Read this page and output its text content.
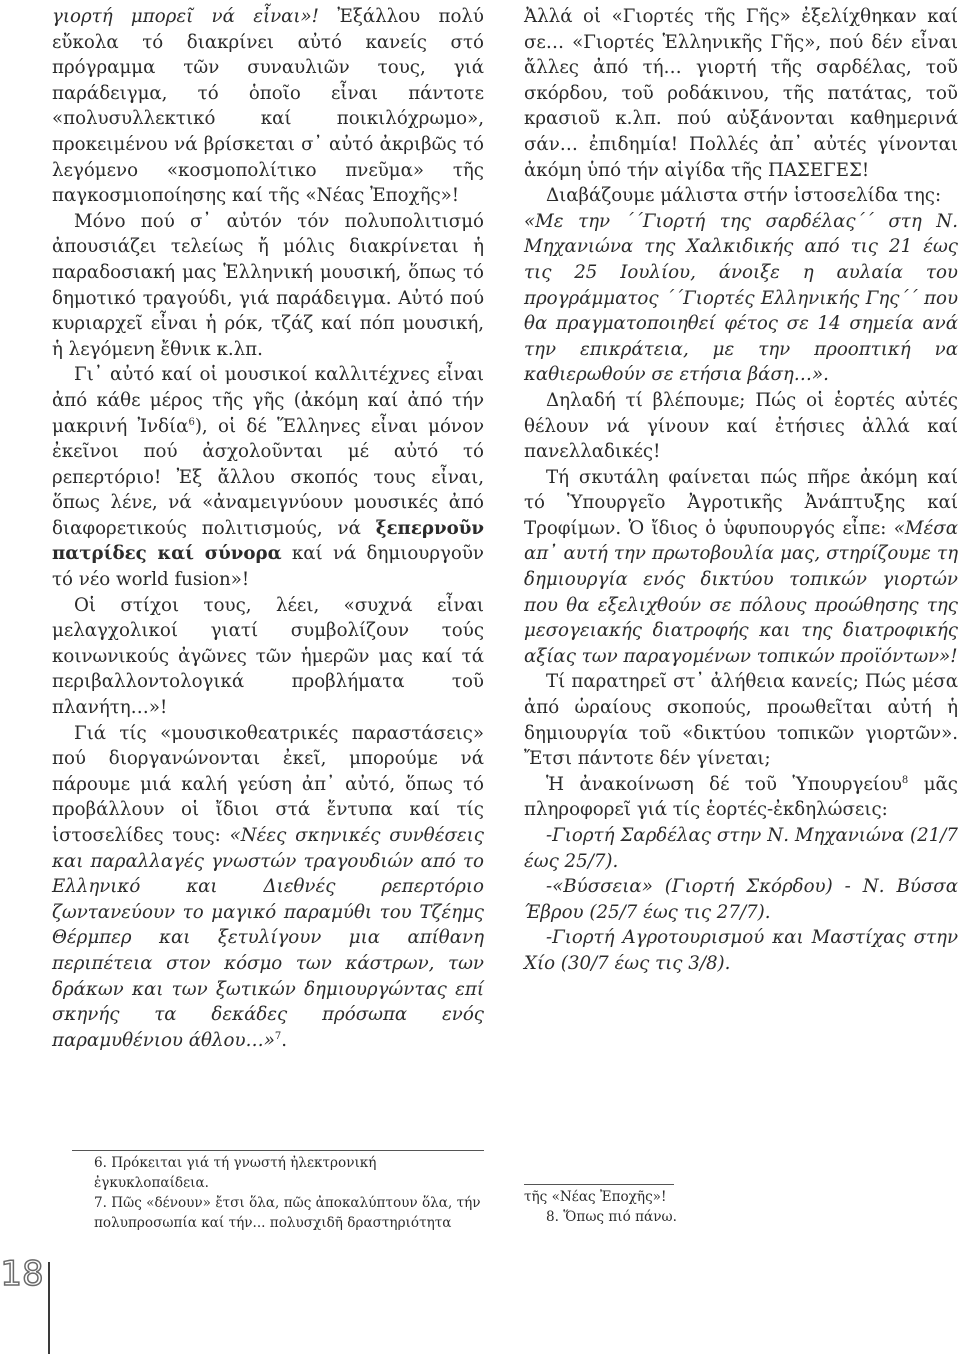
γιορτή μπορεῖ νά εἶναι»! Ἐξάλλου πολύ εὔκολα τό διακρίνει αὐτό κανείς στό πρόγραμμα τῶν συναυλιῶν τους, γιά παράδειγμα, τό ὁποῖο εἶναι πάντοτε «πολυσυλλεκτικό καί ποικιλόχρωμο», προκειμένου νά βρίσκεται σ᾽ αὐτό ἀκριβῶς τό λεγόμενο «κοσμοπολίτικο πνεῦμα» τῆς παγκοσμιοποίησης καί τῆς «Νέας Ἐποχῆς»!

Μόνο πού σ᾽ αὐτόν τόν πολυπολιτισμό ἀπουσιάζει τελείως ἤ μόλις διακρίνεται ἡ παραδοσιακή μας Ἑλληνική μουσική, ὅπως τό δημοτικό τραγούδι, γιά παράδειγμα. Αὐτό πού κυριαρχεῖ εἶναι ἡ ρόκ, τζάζ καί πόπ μουσική, ἡ λεγόμενη ἔθνικ κ.λπ.

Γι᾽ αὐτό καί οἱ μουσικοί καλλιτέχνες εἶναι ἀπό κάθε μέρος τῆς γῆς (ἀκόμη καί ἀπό τήν μακρινή Ἰνδία$^6$), οἱ δέ Ἕλληνες εἶναι μόνον ἐκεῖνοι πού ἀσχολοῦνται μέ αὐτό τό ρεπερτόριο! Ἐξ ἄλλου σκοπός τους εἶναι, ὅπως λένε, νά «ἀναμειγνύουν μουσικές ἀπό διαφορετικούς πολιτισμούς, νά ξεπερνοῦν πατρίδες καί σύνορα καί νά δημιουργοῦν τό νέο world fusion»!

Οἱ στίχοι τους, λέει, «συχνά εἶναι μελαγχολικοί γιατί συμβολίζουν τούς κοινωνικούς ἀγῶνες τῶν ἡμερῶν μας καί τά περιβαλλοντολογικά προβλήματα τοῦ πλανήτη…»!

Γιά τίς «μουσικοθεατρικές παραστάσεις» πού διοργανώνονται ἐκεῖ, μπορούμε νά πάρουμε μιά καλή γεύση ἀπ᾽ αὐτό, ὅπως τό προβάλλουν οἱ ἴδιοι στά ἔντυπα καί τίς ἱστοσελίδες τους: «Νέες σκηνικές συνθέσεις και παραλλαγές γνωστών τραγουδιών από το Ελληνικό και Διεθνές ρεπερτόριο ζωντανεύουν το μαγικό παραμύθι του Τζέημς Θέρμπερ και ξετυλίγουν μια απίθανη περιπέτεια στον κόσμο των κάστρων, των δράκων και των ξωτικών δημιουργώντας επί σκηνής τα δεκάδες πρόσωπα ενός παραμυθένιου άθλου…»$^7$.

6. Πρόκειται γιά τή γνωστή ἠλεκτρονική ἐγκυκλοπαίδεια.

7. Πῶς «δένουν» ἔτσι ὅλα, πῶς ἀποκαλύπτουν ὅλα, τήν πολυπροσωπία καί τήν... πολυσχιδῆ δραστηριότητα

Ἀλλά οἱ «Γιορτές τῆς Γῆς» ἐξελίχθηκαν καί σε… «Γιορτές Ἑλληνικῆς Γῆς», πού δέν εἶναι ἄλλες ἀπό τή… γιορτή τῆς σαρδέλας, τοῦ σκόρδου, τοῦ ροδάκινου, τῆς πατάτας, τοῦ κρασιοῦ κ.λπ. πού αὐξάνονται καθημερινά σάν… ἐπιδημία! Πολλές ἀπ᾽ αὐτές γίνονται ἀκόμη ὑπό τήν αἰγίδα τῆς ΠΑΣΕΓΕΣ!

Διαβάζουμε μάλιστα στήν ἱστοσελίδα της:

«Με την ΄΄Γιορτή της σαρδέλας΄΄ στη Ν. Μηχανιώνα της Χαλκιδικής από τις 21 έως τις 25 Ιουλίου, άνοιξε η αυλαία του προγράμματος ΄΄Γιορτές Ελληνικής Γης΄΄ που θα πραγματοποιηθεί φέτος σε 14 σημεία ανά την επικράτεια, με την προοπτική να καθιερωθούν σε ετήσια βάση…».

Δηλαδή τί βλέπουμε; Πώς οἱ ἑορτές αὐτές θέλουν νά γίνουν καί ἐτήσιες ἀλλά καί πανελλαδικές!

Τή σκυτάλη φαίνεται πώς πῆρε ἀκόμη καί τό Ὑπουργεῖο Ἀγροτικῆς Ἀνάπτυξης καί Τροφίμων. Ὁ ἴδιος ὁ ὑφυπουργός εἶπε: «Μέσα απ᾽ αυτή την πρωτοβουλία μας, στηρίζουμε τη δημιουργία ενός δικτύου τοπικών γιορτών που θα εξελιχθούν σε πόλους προώθησης της μεσογειακής διατροφής και της διατροφικής αξίας των παραγομένων τοπικών προϊόντων»!

Τί παρατηρεῖ στ᾽ ἀλήθεια κανείς; Πώς μέσα ἀπό ὡραίους σκοπούς, προωθεῖται αὐτή ἡ δημιουργία τοῦ «δικτύου τοπικῶν γιορτῶν». Ἔτσι πάντοτε δέν γίνεται;

Ἡ ἀνακοίνωση δέ τοῦ Ὑπουργείου$^8$ μᾶς πληροφορεῖ γιά τίς ἑορτές-ἐκδηλώσεις:

-Γιορτή Σαρδέλας στην Ν. Μηχανιώνα (21/7 έως 25/7).

-«Βύσσεια» (Γιορτή Σκόρδου) - Ν. Βύσσα Έβρου (25/7 έως τις 27/7).

-Γιορτή Αγροτουρισμού και Μαστίχας στην Χίο (30/7 έως τις 3/8).

τῆς «Νέας Ἐποχῆς»!

8. Ὅπως πιό πάνω.

18
